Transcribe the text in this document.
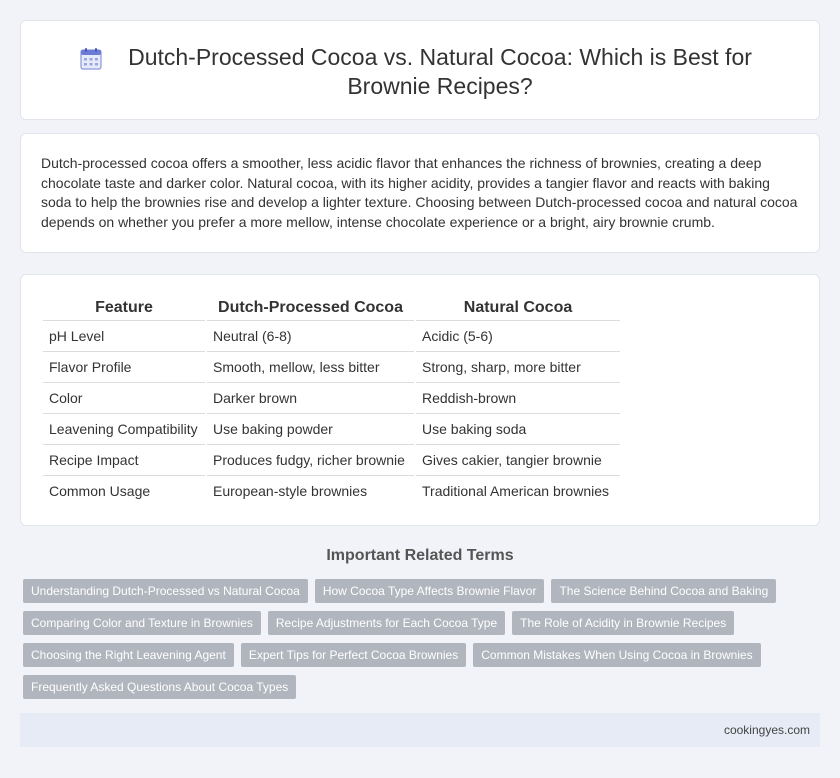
Dutch-Processed Cocoa vs. Natural Cocoa: Which is Best for Brownie Recipes?

Dutch-processed cocoa offers a smoother, less acidic flavor that enhances the richness of brownies, creating a deep chocolate taste and darker color. Natural cocoa, with its higher acidity, provides a tangier flavor and reacts with baking soda to help the brownies rise and develop a lighter texture. Choosing between Dutch-processed cocoa and natural cocoa depends on whether you prefer a more mellow, intense chocolate experience or a bright, airy brownie crumb.

Feature	Dutch-Processed Cocoa	Natural Cocoa
pH Level	Neutral (6-8)	Acidic (5-6)
Flavor Profile	Smooth, mellow, less bitter	Strong, sharp, more bitter
Color	Darker brown	Reddish-brown
Leavening Compatibility	Use baking powder	Use baking soda
Recipe Impact	Produces fudgy, richer brownie	Gives cakier, tangier brownie
Common Usage	European-style brownies	Traditional American brownies
Important Related Terms
Understanding Dutch-Processed vs Natural Cocoa	How Cocoa Type Affects Brownie Flavor	The Science Behind Cocoa and Baking
Comparing Color and Texture in Brownies	Recipe Adjustments for Each Cocoa Type	The Role of Acidity in Brownie Recipes
Choosing the Right Leavening Agent	Expert Tips for Perfect Cocoa Brownies	Common Mistakes When Using Cocoa in Brownies
Frequently Asked Questions About Cocoa Types
cookingyes.com
